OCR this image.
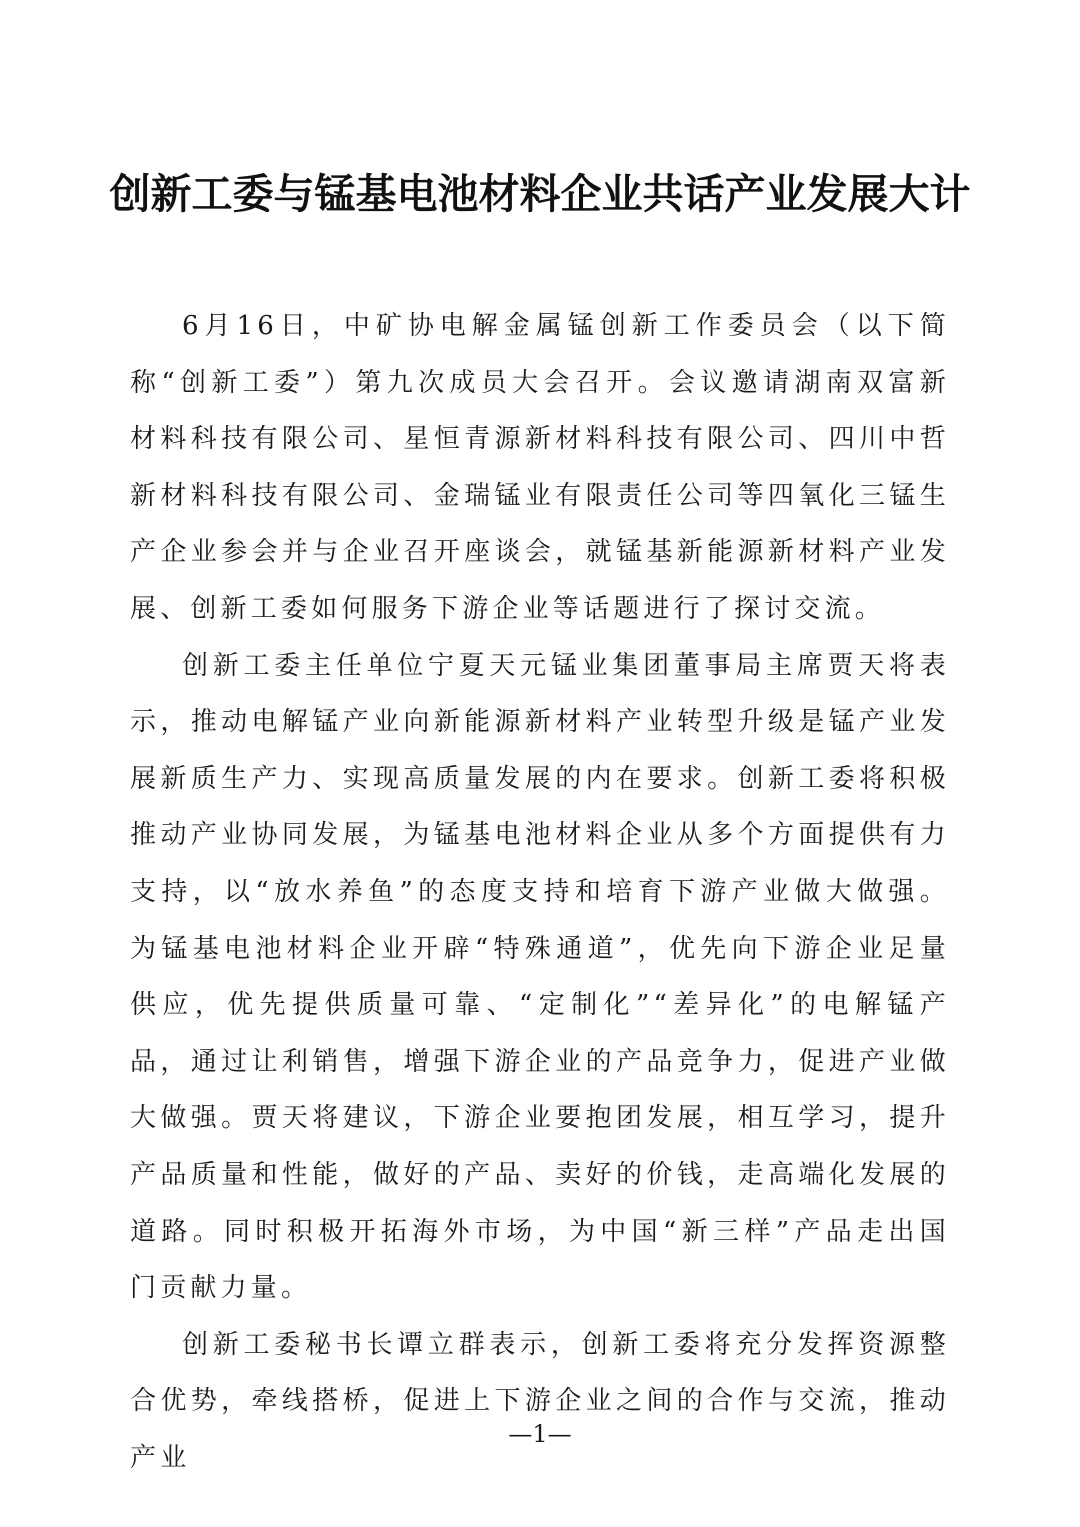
创新工委与锰基电池材料企业共话产业发展大计

6月16日，中矿协电解金属锰创新工作委员会（以下简称“创新工委”）第九次成员大会召开。会议邀请湖南双富新材料科技有限公司、星恒青源新材料科技有限公司、四川中哲新材料科技有限公司、金瑞锰业有限责任公司等四氧化三锰生产企业参会并与企业召开座谈会，就锰基新能源新材料产业发展、创新工委如何服务下游企业等话题进行了探讨交流。

创新工委主任单位宁夏天元锰业集团董事局主席贾天将表示，推动电解锰产业向新能源新材料产业转型升级是锰产业发展新质生产力、实现高质量发展的内在要求。创新工委将积极推动产业协同发展，为锰基电池材料企业从多个方面提供有力支持，以“放水养鱼”的态度支持和培育下游产业做大做强。为锰基电池材料企业开辟“特殊通道”，优先向下游企业足量供应，优先提供质量可靠、“定制化”“差异化”的电解锰产品，通过让利销售，增强下游企业的产品竞争力，促进产业做大做强。贾天将建议，下游企业要抱团发展，相互学习，提升产品质量和性能，做好的产品、卖好的价钱，走高端化发展的道路。同时积极开拓海外市场，为中国“新三样”产品走出国门贡献力量。

创新工委秘书长谭立群表示，创新工委将充分发挥资源整合优势，牵线搭桥，促进上下游企业之间的合作与交流，推动产业

—1—
